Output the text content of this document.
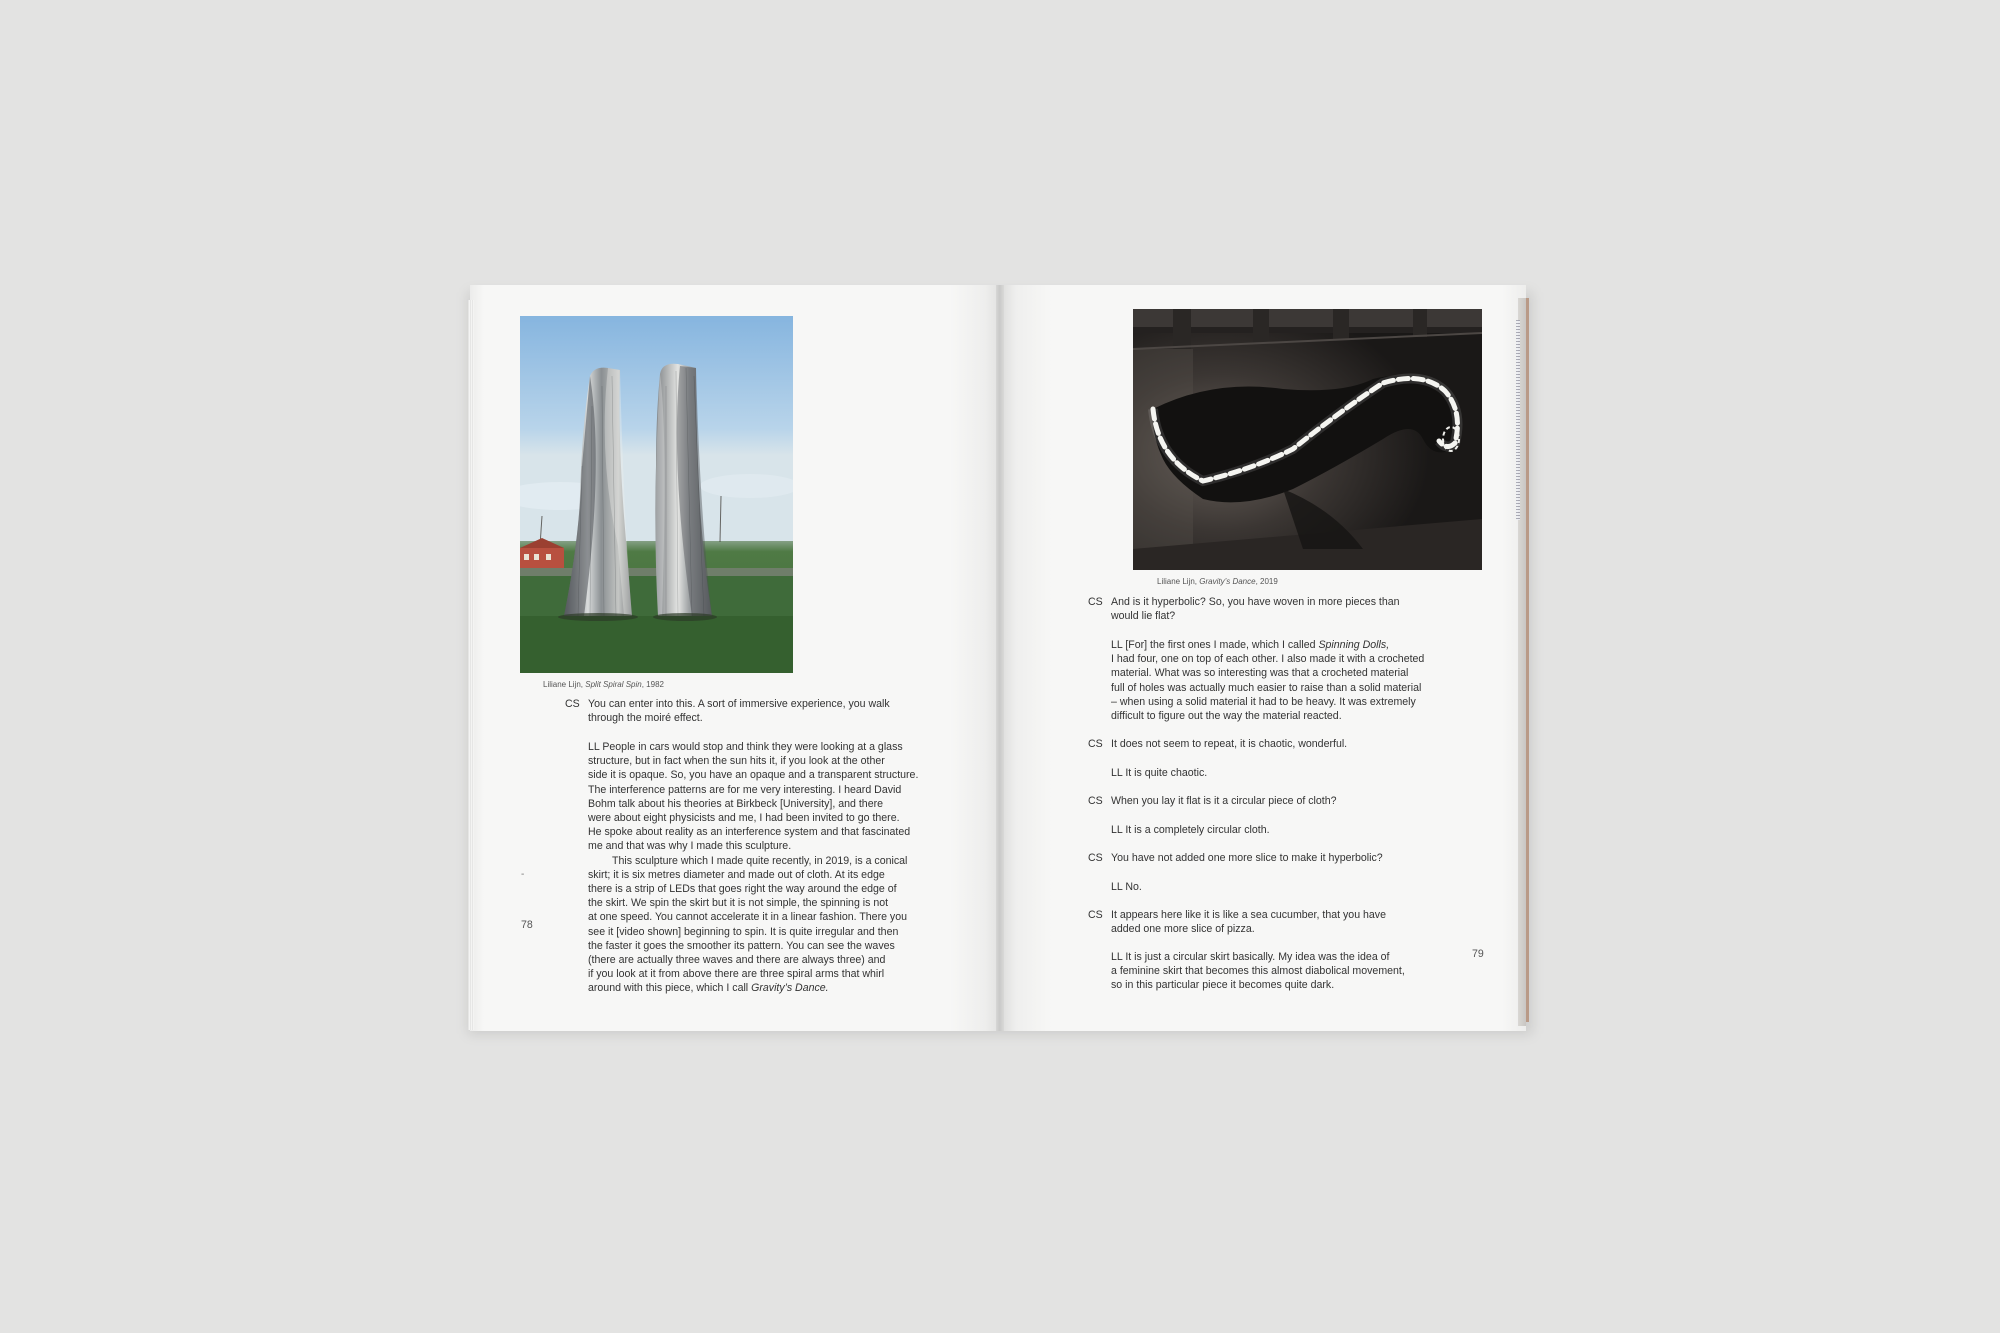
Liliane Lijn, Split Spiral Spin, 1982
CS You can enter into this. A sort of immersive experience, you walk
through the moiré effect.
LL People in cars would stop and think they were looking at a glass
structure, but in fact when the sun hits it, if you look at the other
side it is opaque. So, you have an opaque and a transparent structure.
The interference patterns are for me very interesting. I heard David
Bohm talk about his theories at Birkbeck [University], and there
were about eight physicists and me, I had been invited to go there.
He spoke about reality as an interference system and that fascinated
me and that was why I made this sculpture.
This sculpture which I made quite recently, in 2019, is a conical
skirt; it is six metres diameter and made out of cloth. At its edge
there is a strip of LEDs that goes right the way around the edge of
the skirt. We spin the skirt but it is not simple, the spinning is not
at one speed. You cannot accelerate it in a linear fashion. There you
see it [video shown] beginning to spin. It is quite irregular and then
the faster it goes the smoother its pattern. You can see the waves
(there are actually three waves and there are always three) and
if you look at it from above there are three spiral arms that whirl
around with this piece, which I call Gravity’s Dance.
-
78
Liliane Lijn, Gravity’s Dance, 2019
CS And is it hyperbolic? So, you have woven in more pieces than
would lie flat?
LL [For] the first ones I made, which I called Spinning Dolls,
I had four, one on top of each other. I also made it with a crocheted
material. What was so interesting was that a crocheted material
full of holes was actually much easier to raise than a solid material
– when using a solid material it had to be heavy. It was extremely
difficult to figure out the way the material reacted.
CS It does not seem to repeat, it is chaotic, wonderful.
LL It is quite chaotic.
CS When you lay it flat is it a circular piece of cloth?
LL It is a completely circular cloth.
CS You have not added one more slice to make it hyperbolic?
LL No.
CS It appears here like it is like a sea cucumber, that you have
added one more slice of pizza.
LL It is just a circular skirt basically. My idea was the idea of
a feminine skirt that becomes this almost diabolical movement,
so in this particular piece it becomes quite dark.
79
